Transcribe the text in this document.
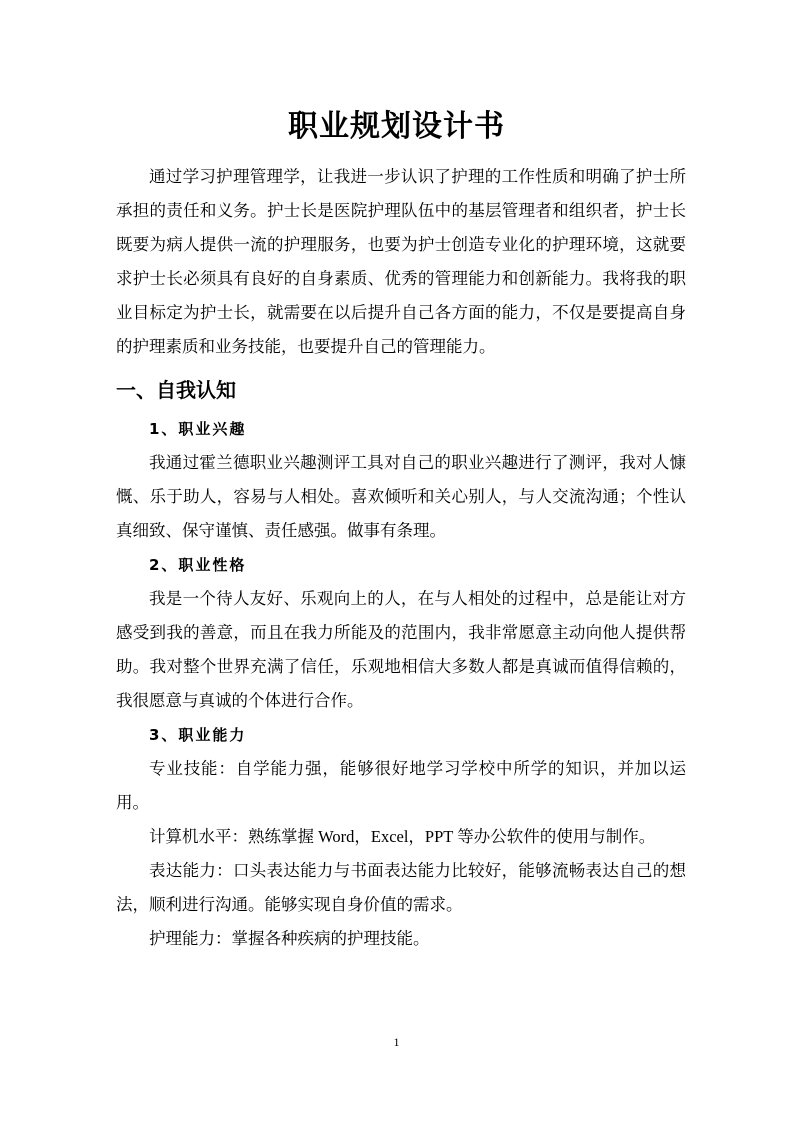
职业规划设计书

通过学习护理管理学，让我进一步认识了护理的工作性质和明确了护士所承担的责任和义务。护士长是医院护理队伍中的基层管理者和组织者，护士长既要为病人提供一流的护理服务，也要为护士创造专业化的护理环境，这就要求护士长必须具有良好的自身素质、优秀的管理能力和创新能力。我将我的职业目标定为护士长，就需要在以后提升自己各方面的能力，不仅是要提高自身的护理素质和业务技能，也要提升自己的管理能力。

一、自我认知
1、职业兴趣

我通过霍兰德职业兴趣测评工具对自己的职业兴趣进行了测评，我对人慷慨、乐于助人，容易与人相处。喜欢倾听和关心别人，与人交流沟通；个性认真细致、保守谨慎、责任感强。做事有条理。

2、职业性格

我是一个待人友好、乐观向上的人，在与人相处的过程中，总是能让对方感受到我的善意，而且在我力所能及的范围内，我非常愿意主动向他人提供帮助。我对整个世界充满了信任，乐观地相信大多数人都是真诚而值得信赖的，我很愿意与真诚的个体进行合作。

3、职业能力

专业技能：自学能力强，能够很好地学习学校中所学的知识，并加以运用。

计算机水平：熟练掌握 Word，Excel，PPT 等办公软件的使用与制作。

表达能力：口头表达能力与书面表达能力比较好，能够流畅表达自己的想法，顺利进行沟通。能够实现自身价值的需求。

护理能力：掌握各种疾病的护理技能。

1
